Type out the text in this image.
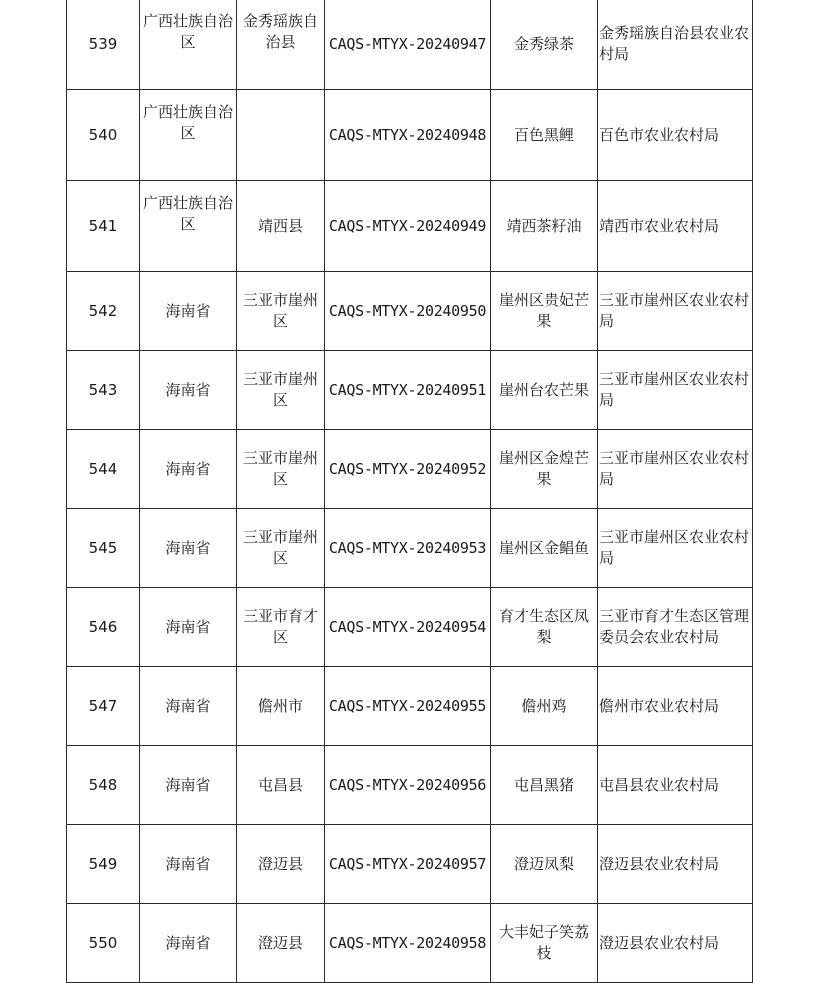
539	广西壮族自治区	金秀瑶族自治县	CAQS-MTYX-20240947	金秀绿茶	金秀瑶族自治县农业农村局
540	广西壮族自治区		CAQS-MTYX-20240948	百色黑鲤	百色市农业农村局
541	广西壮族自治区	靖西县	CAQS-MTYX-20240949	靖西茶籽油	靖西市农业农村局
542	海南省	三亚市崖州区	CAQS-MTYX-20240950	崖州区贵妃芒果	三亚市崖州区农业农村局
543	海南省	三亚市崖州区	CAQS-MTYX-20240951	崖州台农芒果	三亚市崖州区农业农村局
544	海南省	三亚市崖州区	CAQS-MTYX-20240952	崖州区金煌芒果	三亚市崖州区农业农村局
545	海南省	三亚市崖州区	CAQS-MTYX-20240953	崖州区金鲳鱼	三亚市崖州区农业农村局
546	海南省	三亚市育才区	CAQS-MTYX-20240954	育才生态区凤梨	三亚市育才生态区管理委员会农业农村局
547	海南省	儋州市	CAQS-MTYX-20240955	儋州鸡	儋州市农业农村局
548	海南省	屯昌县	CAQS-MTYX-20240956	屯昌黑猪	屯昌县农业农村局
549	海南省	澄迈县	CAQS-MTYX-20240957	澄迈凤梨	澄迈县农业农村局
550	海南省	澄迈县	CAQS-MTYX-20240958	大丰妃子笑荔枝	澄迈县农业农村局
